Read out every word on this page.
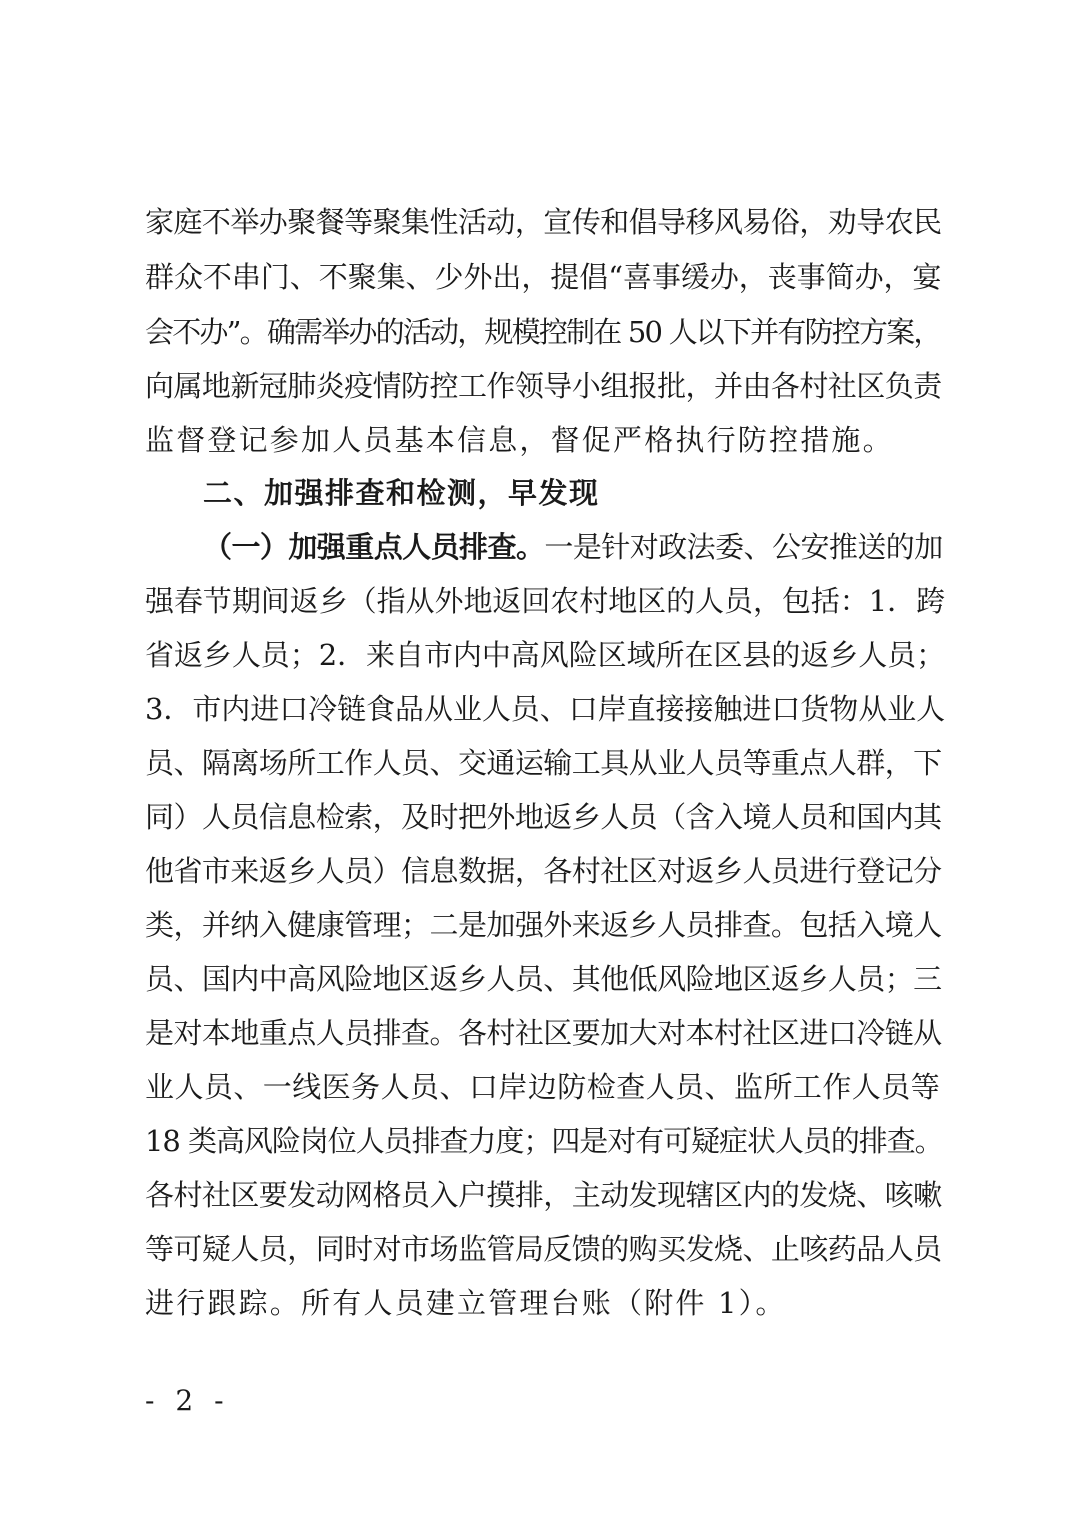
家庭不举办聚餐等聚集性活动，宣传和倡导移风易俗，劝导农民
群众不串门、不聚集、少外出，提倡“喜事缓办，丧事简办，宴
会不办”。确需举办的活动，规模控制在 50 人以下并有防控方案，
向属地新冠肺炎疫情防控工作领导小组报批，并由各村社区负责
监督登记参加人员基本信息，督促严格执行防控措施。
二、加强排查和检测，早发现
（一）加强重点人员排查。一是针对政法委、公安推送的加
强春节期间返乡（指从外地返回农村地区的人员，包括：1．跨
省返乡人员；2．来自市内中高风险区域所在区县的返乡人员；
3．市内进口冷链食品从业人员、口岸直接接触进口货物从业人
员、隔离场所工作人员、交通运输工具从业人员等重点人群，下
同）人员信息检索，及时把外地返乡人员（含入境人员和国内其
他省市来返乡人员）信息数据，各村社区对返乡人员进行登记分
类，并纳入健康管理；二是加强外来返乡人员排查。包括入境人
员、国内中高风险地区返乡人员、其他低风险地区返乡人员；三
是对本地重点人员排查。各村社区要加大对本村社区进口冷链从
业人员、一线医务人员、口岸边防检查人员、监所工作人员等
18 类高风险岗位人员排查力度；四是对有可疑症状人员的排查。
各村社区要发动网格员入户摸排，主动发现辖区内的发烧、咳嗽
等可疑人员，同时对市场监管局反馈的购买发烧、止咳药品人员
进行跟踪。所有人员建立管理台账（附件 1）。
- 2 -
